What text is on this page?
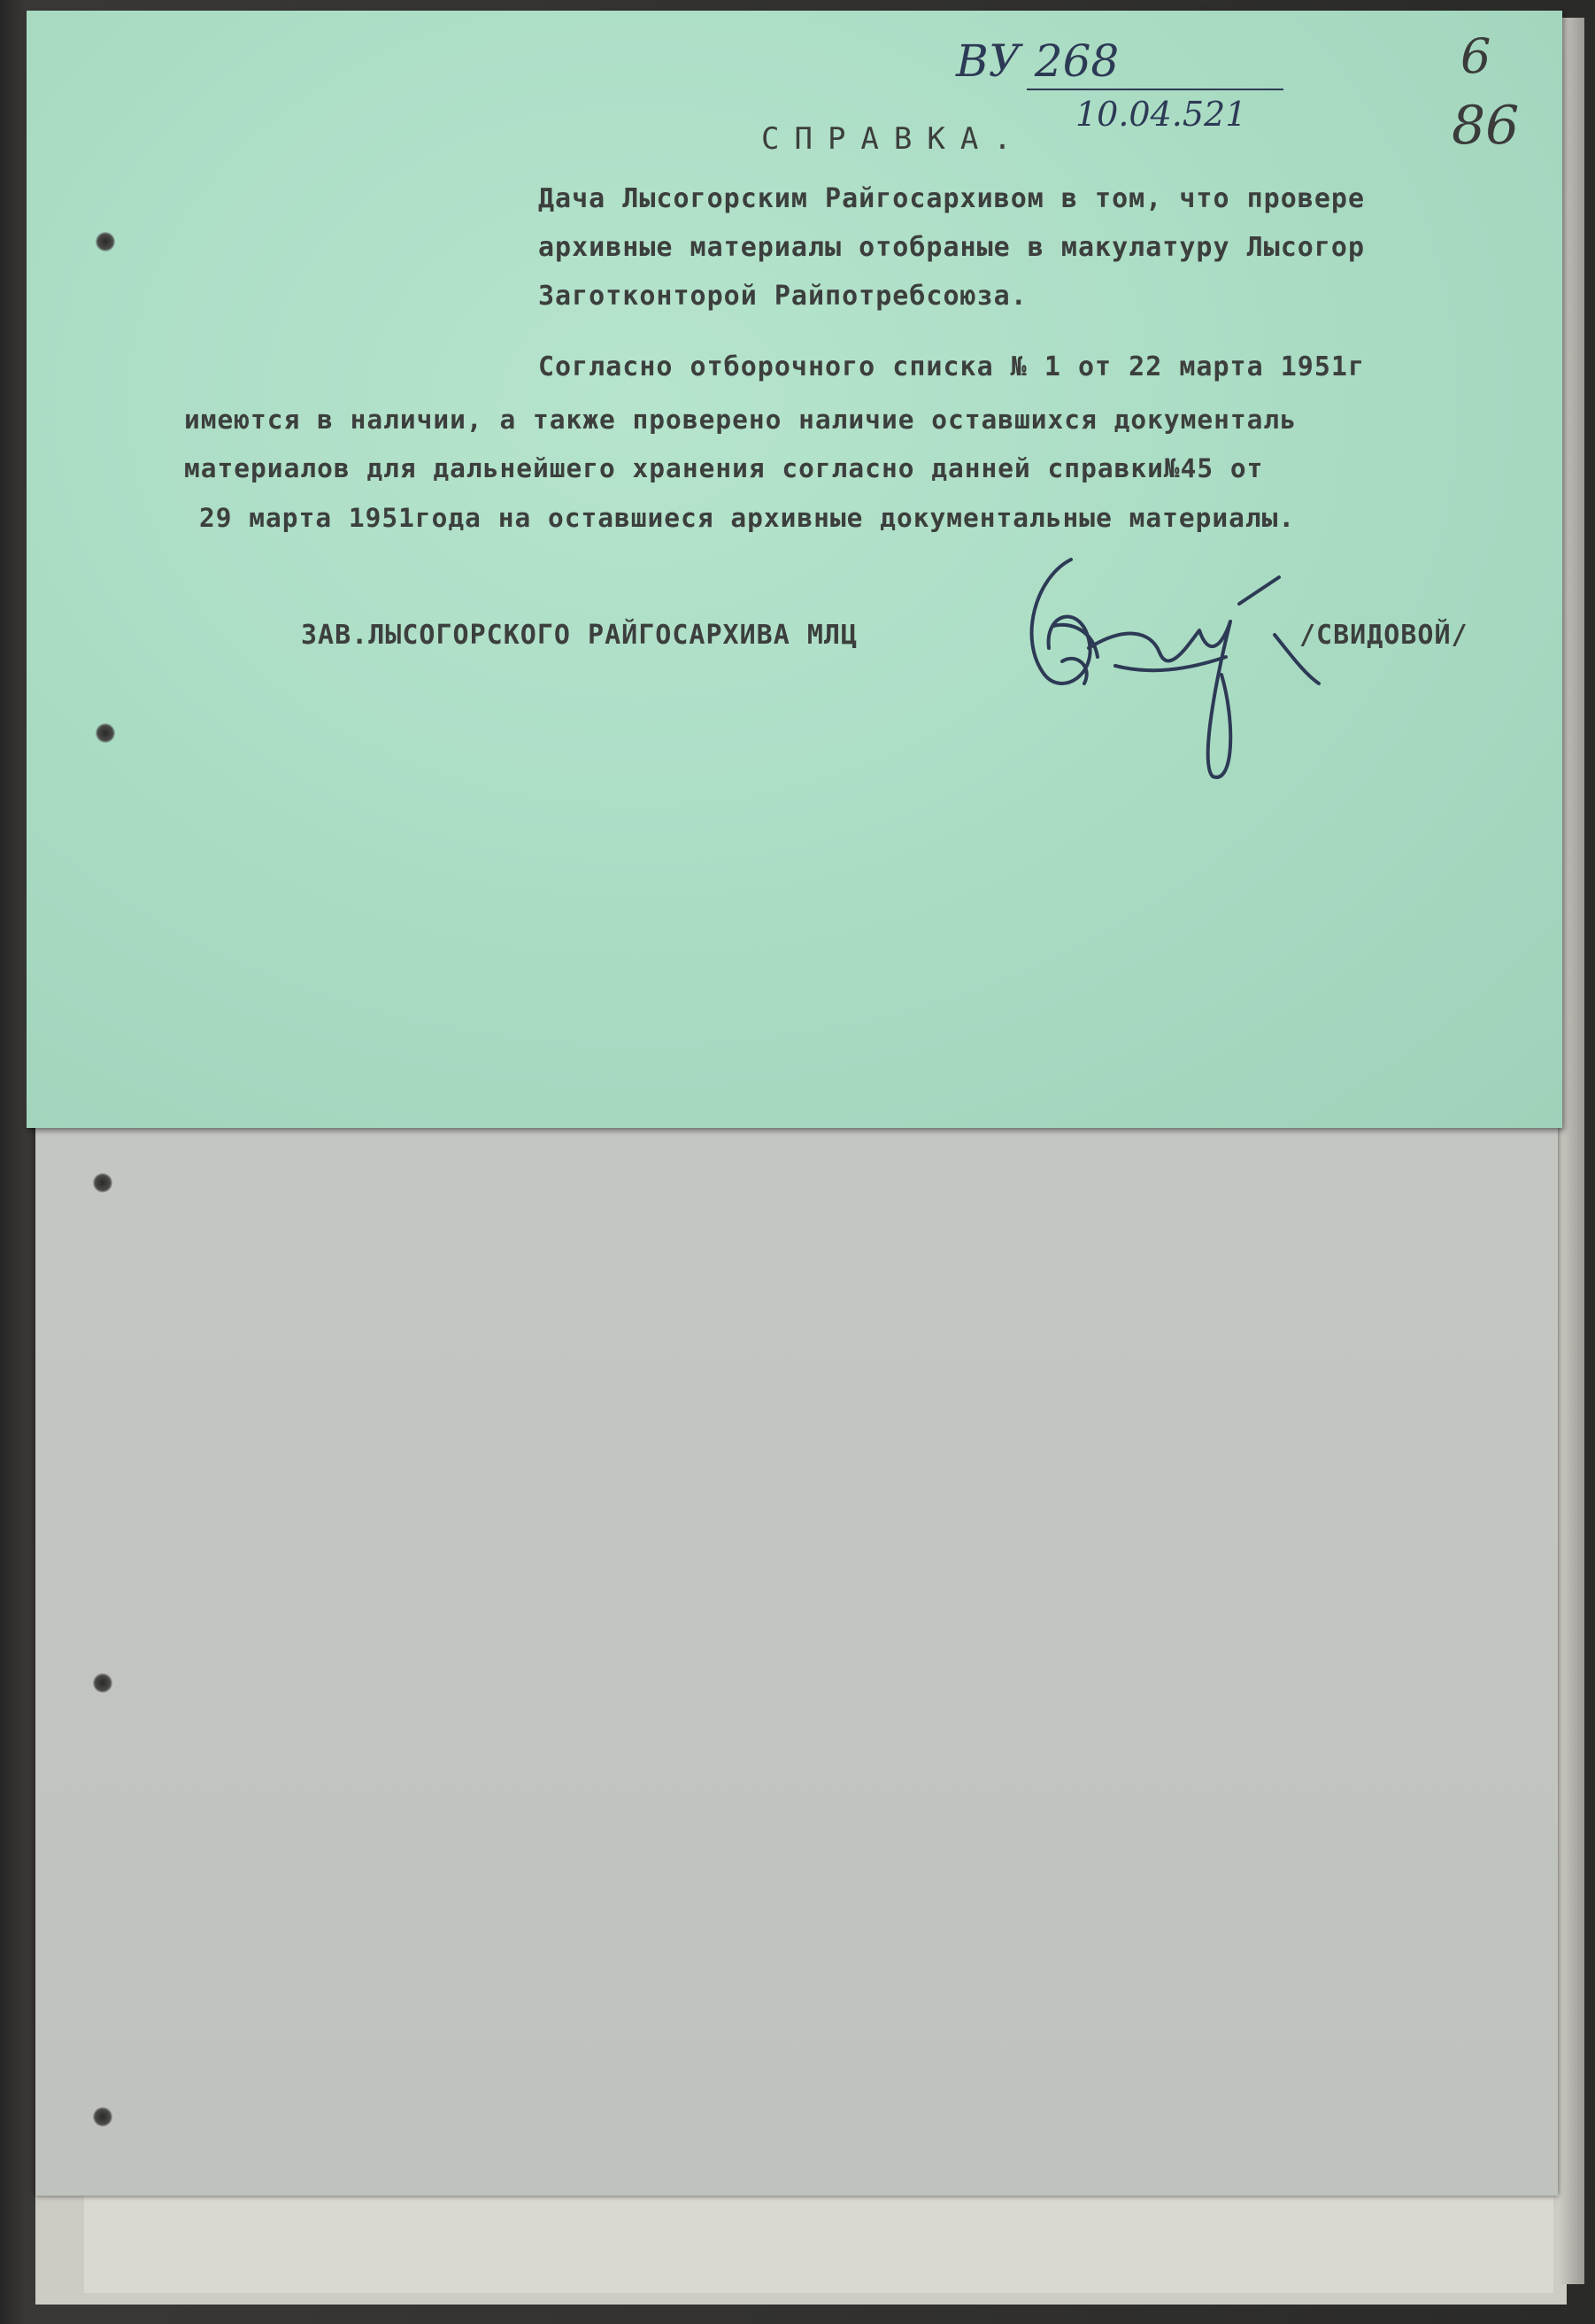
ВУ 268
10.04.521
6
86
СПРАВКА.
Дача Лысогорским Райгосархивом в том, что провере
архивные материалы отобраные в макулатуру Лысогор
Заготконторой Райпотребсоюза.
Согласно отборочного списка № 1 от 22 марта 1951г
имеются в наличии, а также проверено наличие оставшихся документаль
материалов для дальнейшего хранения согласно данней справки№45 от
29 марта 1951года на оставшиеся архивные документальные материалы.
ЗАВ.ЛЫСОГОРСКОГО РАЙГОСАРХИВА МЛЦ	/СВИДОВОЙ/
